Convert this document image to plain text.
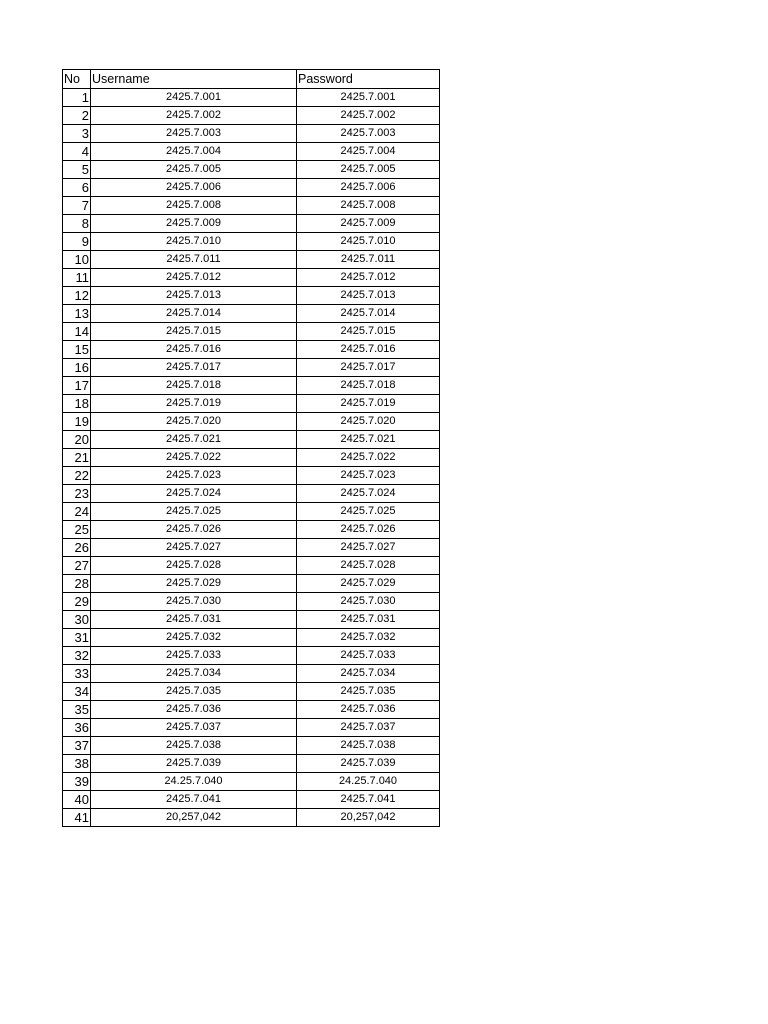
No	Username	Password
1	2425.7.001	2425.7.001
2	2425.7.002	2425.7.002
3	2425.7.003	2425.7.003
4	2425.7.004	2425.7.004
5	2425.7.005	2425.7.005
6	2425.7.006	2425.7.006
7	2425.7.008	2425.7.008
8	2425.7.009	2425.7.009
9	2425.7.010	2425.7.010
10	2425.7.011	2425.7.011
11	2425.7.012	2425.7.012
12	2425.7.013	2425.7.013
13	2425.7.014	2425.7.014
14	2425.7.015	2425.7.015
15	2425.7.016	2425.7.016
16	2425.7.017	2425.7.017
17	2425.7.018	2425.7.018
18	2425.7.019	2425.7.019
19	2425.7.020	2425.7.020
20	2425.7.021	2425.7.021
21	2425.7.022	2425.7.022
22	2425.7.023	2425.7.023
23	2425.7.024	2425.7.024
24	2425.7.025	2425.7.025
25	2425.7.026	2425.7.026
26	2425.7.027	2425.7.027
27	2425.7.028	2425.7.028
28	2425.7.029	2425.7.029
29	2425.7.030	2425.7.030
30	2425.7.031	2425.7.031
31	2425.7.032	2425.7.032
32	2425.7.033	2425.7.033
33	2425.7.034	2425.7.034
34	2425.7.035	2425.7.035
35	2425.7.036	2425.7.036
36	2425.7.037	2425.7.037
37	2425.7.038	2425.7.038
38	2425.7.039	2425.7.039
39	24.25.7.040	24.25.7.040
40	2425.7.041	2425.7.041
41	20,257,042	20,257,042
